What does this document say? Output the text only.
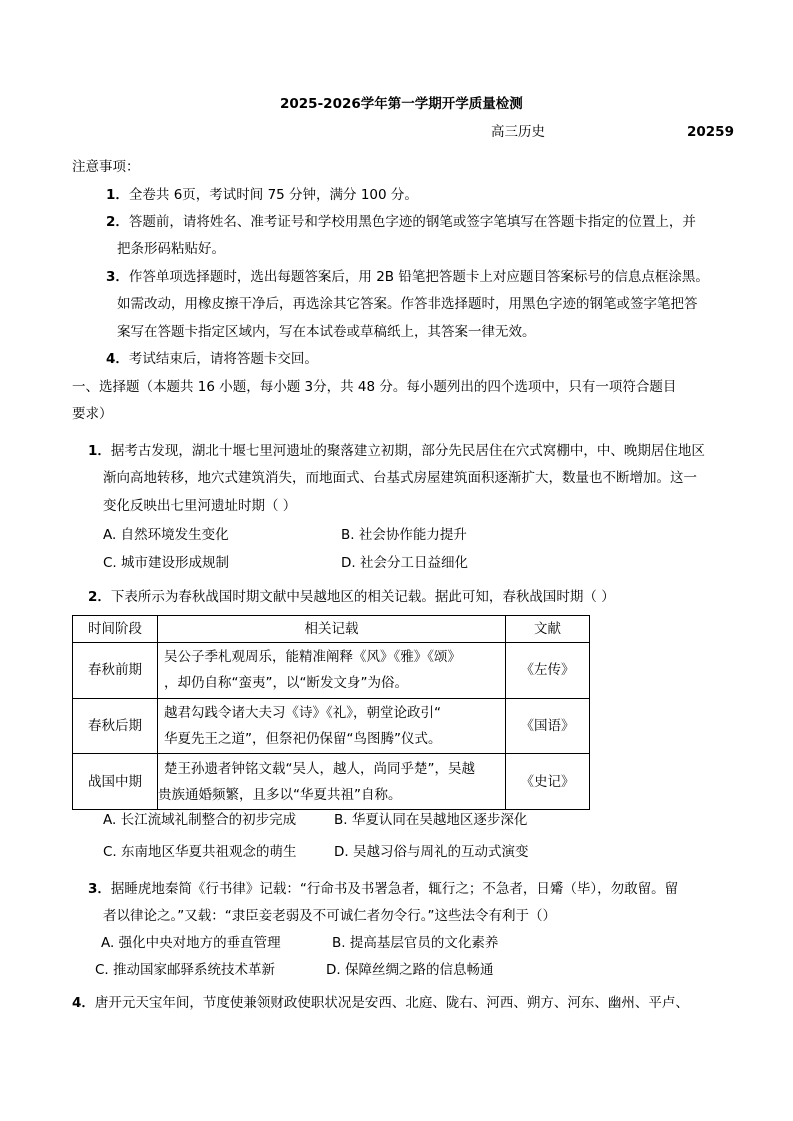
2025-2026学年第一学期开学质量检测
高三历史	20259
注意事项：
1．全卷共 6页，考试时间 75 分钟，满分 100 分。
2．答题前，请将姓名、准考证号和学校用黑色字迹的钢笔或签字笔填写在答题卡指定的位置上，并
把条形码粘贴好。
3．作答单项选择题时，选出每题答案后，用 2B 铅笔把答题卡上对应题目答案标号的信息点框涂黑。
如需改动，用橡皮擦干净后，再选涂其它答案。作答非选择题时，用黑色字迹的钢笔或签字笔把答
案写在答题卡指定区域内，写在本试卷或草稿纸上，其答案一律无效。
4．考试结束后，请将答题卡交回。
一、选择题（本题共 16 小题，每小题 3分，共 48 分。每小题列出的四个选项中，只有一项符合题目
要求）
1．据考古发现，湖北十堰七里河遗址的聚落建立初期，部分先民居住在穴式窝棚中，中、晚期居住地区
渐向高地转移，地穴式建筑消失，而地面式、台基式房屋建筑面积逐渐扩大，数量也不断增加。这一
变化反映出七里河遗址时期（ ）
A. 自然环境发生变化	B. 社会协作能力提升
C. 城市建设形成规制	D. 社会分工日益细化
2．下表所示为春秋战国时期文献中吴越地区的相关记载。据此可知，春秋战国时期（ ）
时间阶段	相关记载	文献
春秋前期	吴公子季札观周乐，能精准阐释《风》《雅》《颂》
，却仍自称“蛮夷”，以“断发文身”为俗。	《左传》
春秋后期	越君勾践令诸大夫习《诗》《礼》，朝堂论政引“
华夏先王之道”，但祭祀仍保留“鸟图腾”仪式。	《国语》
战国中期	楚王孙遗者钟铭文载“吴人，越人，尚同乎楚”，吴越
贵族通婚频繁，且多以“华夏共祖”自称。	《史记》
A. 长江流域礼制整合的初步完成	B. 华夏认同在吴越地区逐步深化
C. 东南地区华夏共祖观念的萌生	D. 吴越习俗与周礼的互动式演变
3．据睡虎地秦简《行书律》记载：“行命书及书署急者，辄行之；不急者，日觱（毕），勿敢留。留
者以律论之。”又载：“隶臣妾老弱及不可诚仁者勿令行。”这些法令有利于（）
A. 强化中央对地方的垂直管理	B. 提高基层官员的文化素养
C. 推动国家邮驿系统技术革新	D. 保障丝绸之路的信息畅通
4．唐开元天宝年间，节度使兼领财政使职状况是安西、北庭、陇右、河西、朔方、河东、幽州、平卢、
